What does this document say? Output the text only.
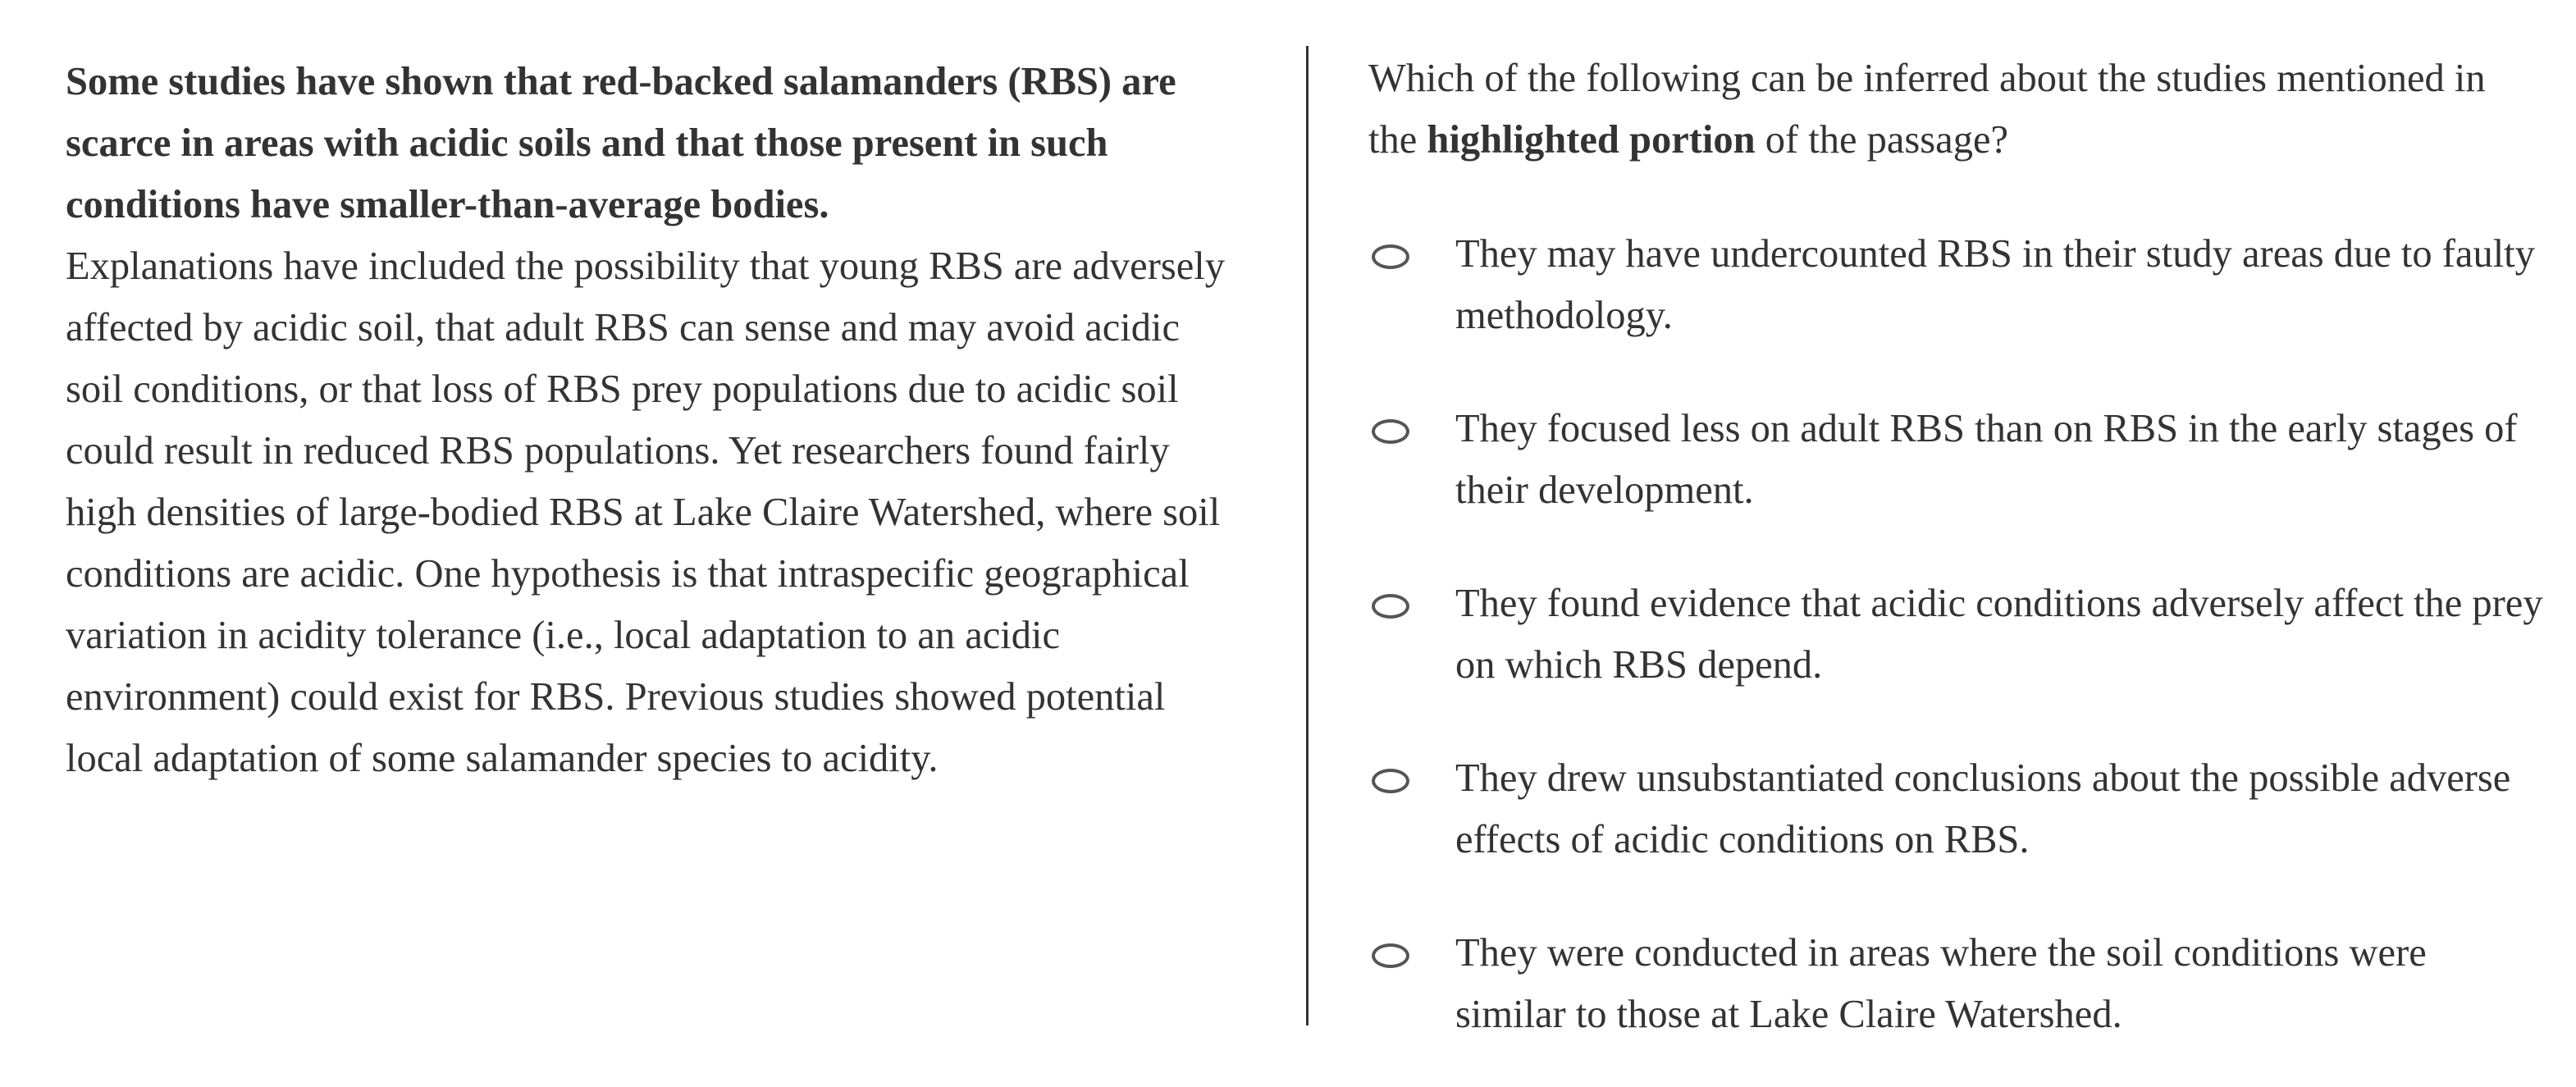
Some studies have shown that red-backed salamanders (RBS) are scarce in areas with acidic soils and that those present in such conditions have smaller-than-average bodies.
Explanations have included the possibility that young RBS are adversely affected by acidic soil, that adult RBS can sense and may avoid acidic soil conditions, or that loss of RBS prey populations due to acidic soil could result in reduced RBS populations. Yet researchers found fairly high densities of large-bodied RBS at Lake Claire Watershed, where soil conditions are acidic. One hypothesis is that intraspecific geographical variation in acidity tolerance (i.e., local adaptation to an acidic environment) could exist for RBS. Previous studies showed potential local adaptation of some salamander species to acidity.

Which of the following can be inferred about the studies mentioned in the highlighted portion of the passage?
They may have undercounted RBS in their study areas due to faulty methodology.
They focused less on adult RBS than on RBS in the early stages of their development.
They found evidence that acidic conditions adversely affect the prey on which RBS depend.
They drew unsubstantiated conclusions about the possible adverse effects of acidic conditions on RBS.
They were conducted in areas where the soil conditions were similar to those at Lake Claire Watershed.
